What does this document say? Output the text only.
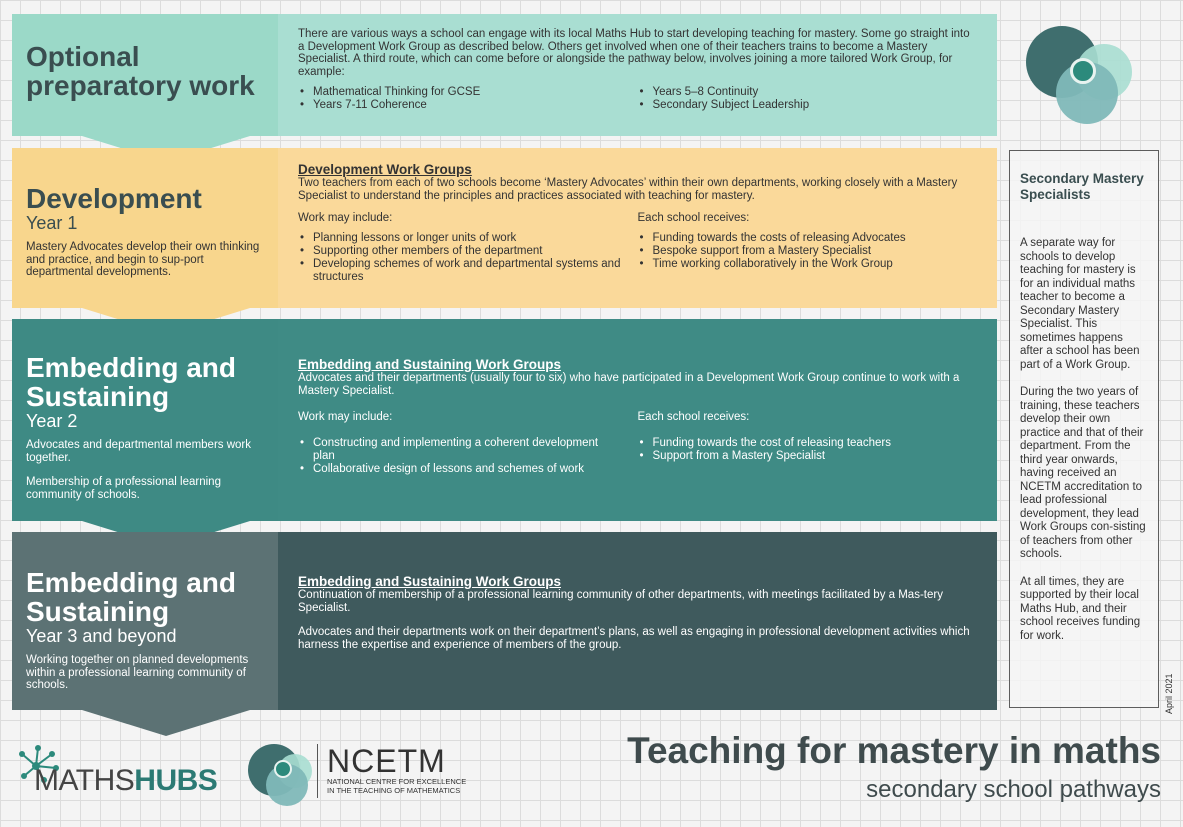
Optional preparatory work
There are various ways a school can engage with its local Maths Hub to start developing teaching for mastery. Some go straight into a Development Work Group as described below. Others get involved when one of their teachers trains to become a Mastery Specialist. A third route, which can come before or alongside the pathway below, involves joining a more tailored Work Group, for example:
• Mathematical Thinking for GCSE
• Years 7-11 Coherence
• Years 5–8 Continuity
• Secondary Subject Leadership
Development
Year 1
Mastery Advocates develop their own thinking and practice, and begin to sup-port departmental developments.
Development Work Groups
Two teachers from each of two schools become ‘Mastery Advocates’ within their own departments, working closely with a Mastery Specialist to understand the principles and practices associated with teaching for mastery.
Work may include:
• Planning lessons or longer units of work
• Supporting other members of the department
• Developing schemes of work and departmental systems and structures
Each school receives:
• Funding towards the costs of releasing Advocates
• Bespoke support from a Mastery Specialist
• Time working collaboratively in the Work Group
Embedding and Sustaining
Year 2
Advocates and departmental members work together.
Membership of a professional learning community of schools.
Embedding and Sustaining Work Groups
Advocates and their departments (usually four to six) who have participated in a Development Work Group continue to work with a Mastery Specialist.
Work may include:
• Constructing and implementing a coherent development plan
• Collaborative design of lessons and schemes of work
Each school receives:
• Funding towards the cost of releasing teachers
• Support from a Mastery Specialist
Embedding and Sustaining
Year 3 and beyond
Working together on planned developments within a professional learning community of schools.
Embedding and Sustaining Work Groups
Continuation of membership of a professional learning community of other departments, with meetings facilitated by a Mas-tery Specialist.
Advocates and their departments work on their department’s plans, as well as engaging in professional development activities which harness the expertise and experience of members of the group.
Secondary Mastery Specialists

A separate way for schools to develop teaching for mastery is for an individual maths teacher to become a Secondary Mastery Specialist. This sometimes happens after a school has been part of a Work Group.

During the two years of training, these teachers develop their own practice and that of their department. From the third year onwards, having received an NCETM accreditation to lead professional development, they lead Work Groups con-sisting of teachers from other schools.

At all times, they are supported by their local Maths Hub, and their school receives funding for work.

April 2021
MATHSHUBS
NCETM
NATIONAL CENTRE FOR EXCELLENCE
IN THE TEACHING OF MATHEMATICS
Teaching for mastery in maths
secondary school pathways
